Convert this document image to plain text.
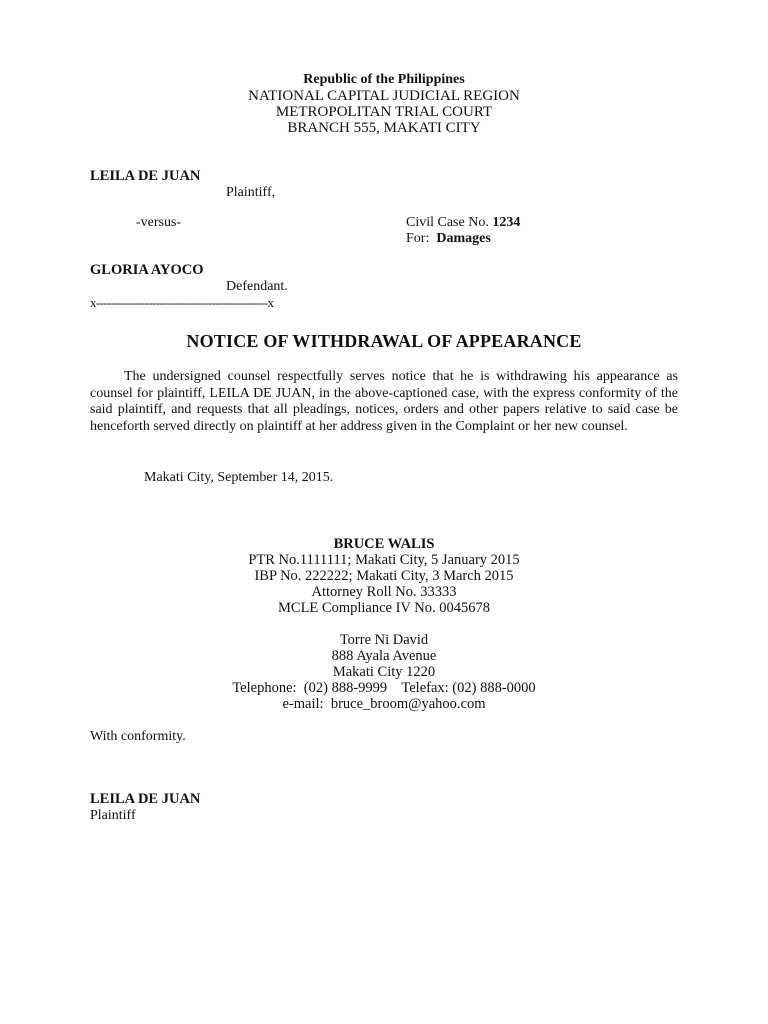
Republic of the Philippines
NATIONAL CAPITAL JUDICIAL REGION
METROPOLITAN TRIAL COURT
BRANCH 555, MAKATI CITY
LEILA DE JUAN
Plaintiff,
-versus-	Civil Case No. 1234
For:  Damages
GLORIA AYOCO
Defendant.
x----------------------------------------------x
NOTICE OF WITHDRAWAL OF APPEARANCE
The undersigned counsel respectfully serves notice that he is withdrawing his appearance as counsel for plaintiff, LEILA DE JUAN, in the above-captioned case, with the express conformity of the said plaintiff, and requests that all pleadings, notices, orders and other papers relative to said case be henceforth served directly on plaintiff at her address given in the Complaint or her new counsel.
Makati City, September 14, 2015.
BRUCE WALIS
PTR No.1111111; Makati City, 5 January 2015
IBP No. 222222; Makati City, 3 March 2015
Attorney Roll No. 33333
MCLE Compliance IV No. 0045678
Torre Ni David
888 Ayala Avenue
Makati City 1220
Telephone:  (02) 888-9999    Telefax: (02) 888-0000
e-mail:  bruce_broom@yahoo.com
With conformity.
LEILA DE JUAN
Plaintiff
